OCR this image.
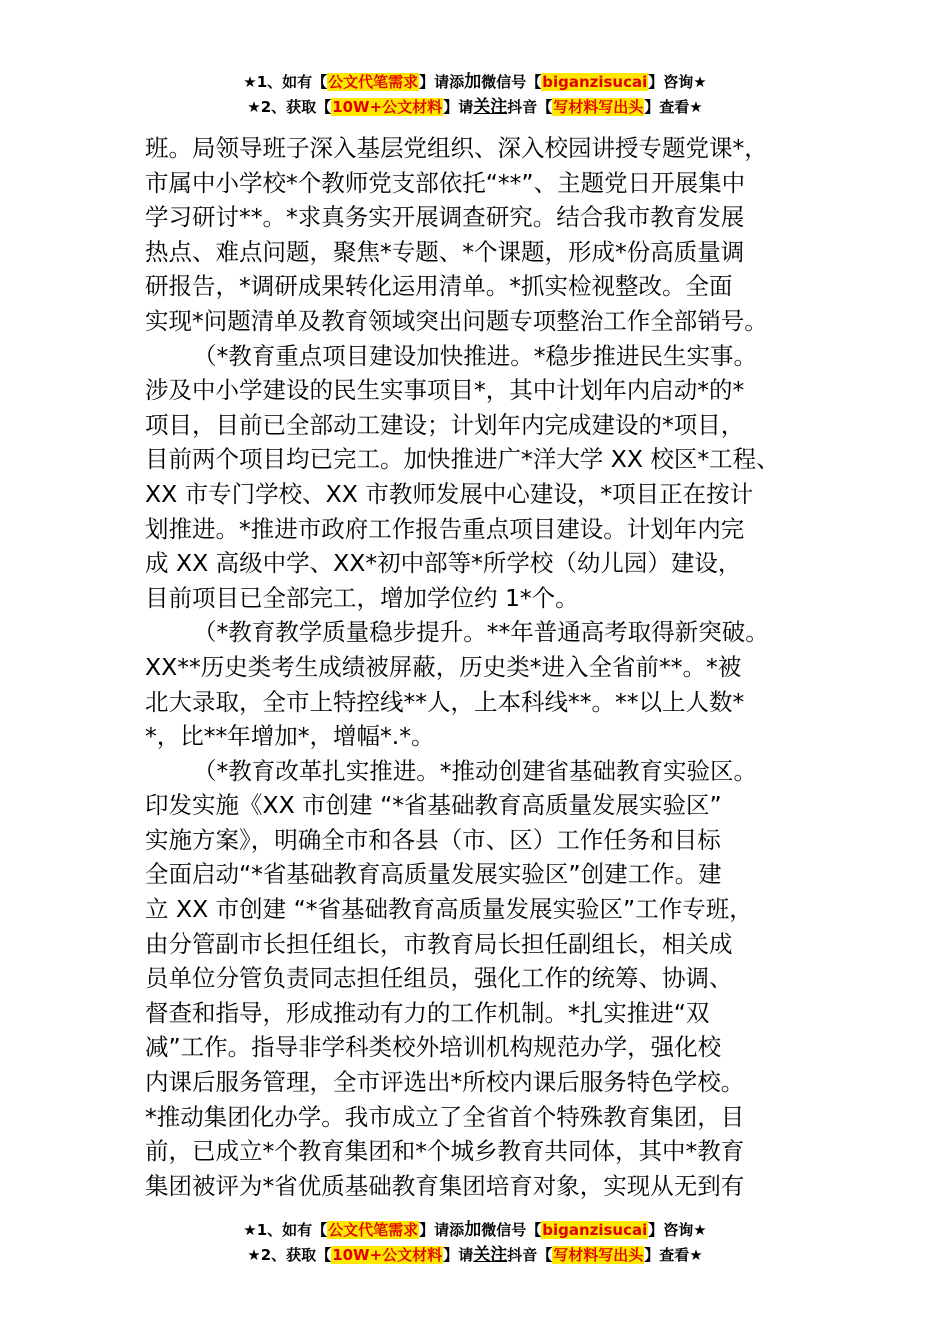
★1、如有【公文代笔需求】请添加微信号【biganzisucai】咨询★
★2、获取【10W+公文材料】请关注抖音【写材料写出头】查看★
班。局领导班子深入基层党组织、深入校园讲授专题党课*，
市属中小学校*个教师党支部依托“**”、主题党日开展集中
学习研讨**。*求真务实开展调查研究。结合我市教育发展
热点、难点问题，聚焦*专题、*个课题，形成*份高质量调
研报告，*调研成果转化运用清单。*抓实检视整改。全面
实现*问题清单及教育领域突出问题专项整治工作全部销号。
（*教育重点项目建设加快推进。*稳步推进民生实事。
涉及中小学建设的民生实事项目*，其中计划年内启动*的*
项目，目前已全部动工建设；计划年内完成建设的*项目，
目前两个项目均已完工。加快推进广*洋大学 XX 校区*工程、
XX 市专门学校、XX 市教师发展中心建设，*项目正在按计
划推进。*推进市政府工作报告重点项目建设。计划年内完
成 XX 高级中学、XX*初中部等*所学校（幼儿园）建设，
目前项目已全部完工，增加学位约 1*个。
（*教育教学质量稳步提升。**年普通高考取得新突破。
XX**历史类考生成绩被屏蔽，历史类*进入全省前**。*被
北大录取，全市上特控线**人，上本科线**。**以上人数*
*，比**年增加*，增幅*.*。
（*教育改革扎实推进。*推动创建省基础教育实验区。
印发实施《XX 市创建 “*省基础教育高质量发展实验区”
实施方案》，明确全市和各县（市、区）工作任务和目标
全面启动“*省基础教育高质量发展实验区”创建工作。建
立 XX 市创建 “*省基础教育高质量发展实验区”工作专班，
由分管副市长担任组长，市教育局长担任副组长，相关成
员单位分管负责同志担任组员，强化工作的统筹、协调、
督查和指导，形成推动有力的工作机制。*扎实推进“双
减”工作。指导非学科类校外培训机构规范办学，强化校
内课后服务管理，全市评选出*所校内课后服务特色学校。
*推动集团化办学。我市成立了全省首个特殊教育集团，目
前，已成立*个教育集团和*个城乡教育共同体，其中*教育
集团被评为*省优质基础教育集团培育对象，实现从无到有
★1、如有【公文代笔需求】请添加微信号【biganzisucai】咨询★
★2、获取【10W+公文材料】请关注抖音【写材料写出头】查看★
